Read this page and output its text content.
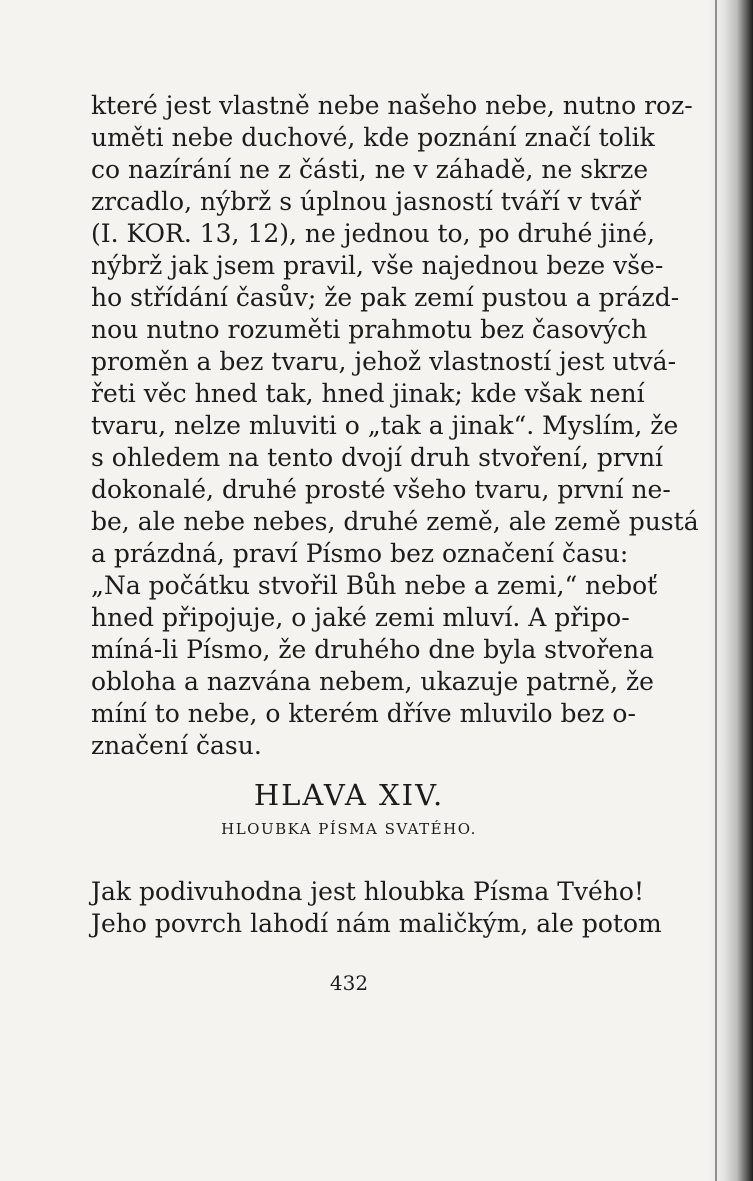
které jest vlastně nebe našeho nebe, nutno roz-
uměti nebe duchové, kde poznání značí tolik
co nazírání ne z části, ne v záhadě, ne skrze
zrcadlo, nýbrž s úplnou jasností tváří v tvář
(I. KOR. 13, 12), ne jednou to, po druhé jiné,
nýbrž jak jsem pravil, vše najednou beze vše-
ho střídání časův; že pak zemí pustou a prázd-
nou nutno rozuměti prahmotu bez časových
proměn a bez tvaru, jehož vlastností jest utvá-
řeti věc hned tak, hned jinak; kde však není
tvaru, nelze mluviti o „tak a jinak“. Myslím, že
s ohledem na tento dvojí druh stvoření, první
dokonalé, druhé prosté všeho tvaru, první ne-
be, ale nebe nebes, druhé země, ale země pustá
a prázdná, praví Písmo bez označení času:
„Na počátku stvořil Bůh nebe a zemi,“ neboť
hned připojuje, o jaké zemi mluví. A připo-
míná-li Písmo, že druhého dne byla stvořena
obloha a nazvána nebem, ukazuje patrně, že
míní to nebe, o kterém dříve mluvilo bez o-
značení času.
HLAVA XIV.
HLOUBKA PÍSMA SVATÉHO.
Jak podivuhodna jest hloubka Písma Tvého!
Jeho povrch lahodí nám maličkým, ale potom
432
